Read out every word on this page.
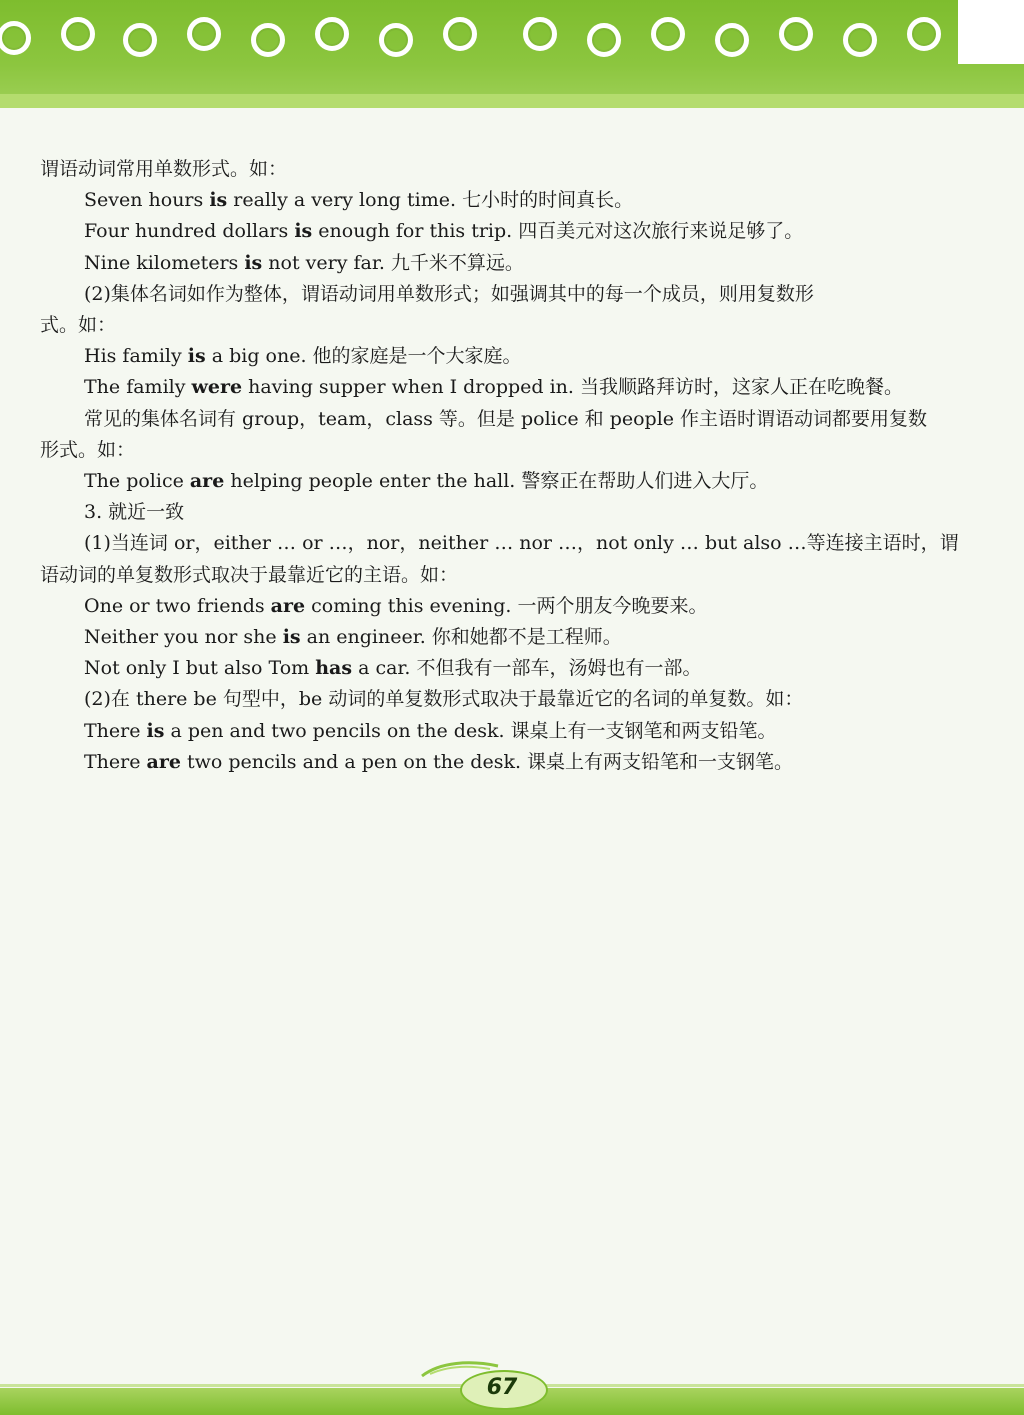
谓语动词常用单数形式。如：
Seven hours is really a very long time. 七小时的时间真长。
Four hundred dollars is enough for this trip. 四百美元对这次旅行来说足够了。
Nine kilometers is not very far. 九千米不算远。
(2)集体名词如作为整体，谓语动词用单数形式；如强调其中的每一个成员，则用复数形
式。如：
His family is a big one. 他的家庭是一个大家庭。
The family were having supper when I dropped in. 当我顺路拜访时，这家人正在吃晚餐。
常见的集体名词有 group，team，class 等。但是 police 和 people 作主语时谓语动词都要用复数
形式。如：
The police are helping people enter the hall. 警察正在帮助人们进入大厅。
3. 就近一致
(1)当连词 or，either … or …，nor，neither … nor …，not only … but also …等连接主语时，谓
语动词的单复数形式取决于最靠近它的主语。如：
One or two friends are coming this evening. 一两个朋友今晚要来。
Neither you nor she is an engineer. 你和她都不是工程师。
Not only I but also Tom has a car. 不但我有一部车，汤姆也有一部。
(2)在 there be 句型中，be 动词的单复数形式取决于最靠近它的名词的单复数。如：
There is a pen and two pencils on the desk. 课桌上有一支钢笔和两支铅笔。
There are two pencils and a pen on the desk. 课桌上有两支铅笔和一支钢笔。
67
